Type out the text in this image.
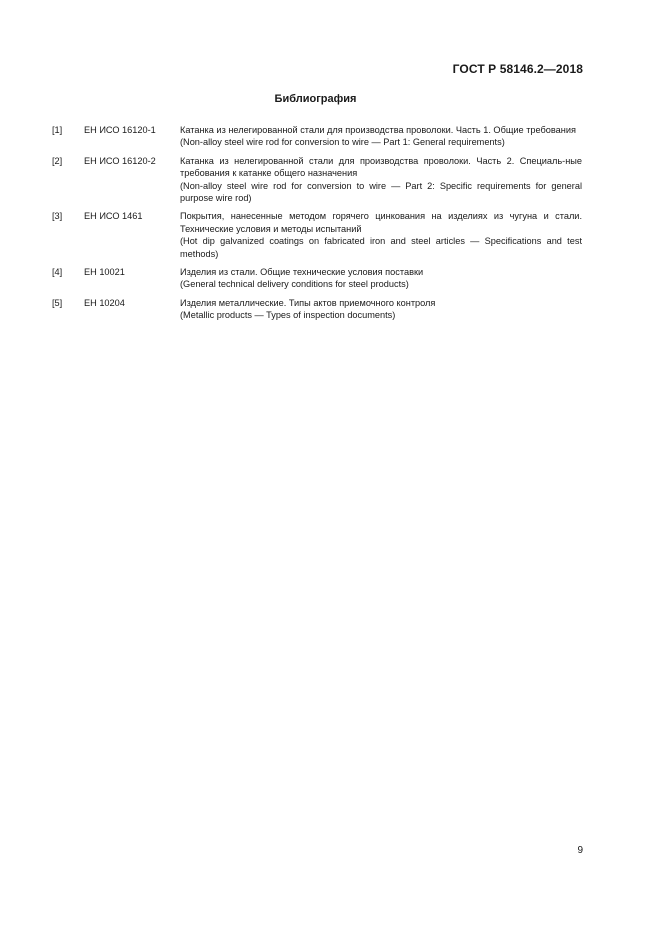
ГОСТ Р 58146.2—2018
Библиография
[1]	ЕН ИСО 16120-1	Катанка из нелегированной стали для производства проволоки. Часть 1. Общие требования
(Non-alloy steel wire rod for conversion to wire — Part 1: General requirements)
[2]	ЕН ИСО 16120-2	Катанка из нелегированной стали для производства проволоки. Часть 2. Специаль-ные требования к катанке общего назначения
(Non-alloy steel wire rod for conversion to wire — Part 2: Specific requirements for general purpose wire rod)
[3]	ЕН ИСО 1461	Покрытия, нанесенные методом горячего цинкования на изделиях из чугуна и стали. Технические условия и методы испытаний
(Hot dip galvanized coatings on fabricated iron and steel articles — Specifications and test methods)
[4]	ЕН 10021	Изделия из стали. Общие технические условия поставки
(General technical delivery conditions for steel products)
[5]	ЕН 10204	Изделия металлические. Типы актов приемочного контроля
(Metallic products — Types of inspection documents)
9
